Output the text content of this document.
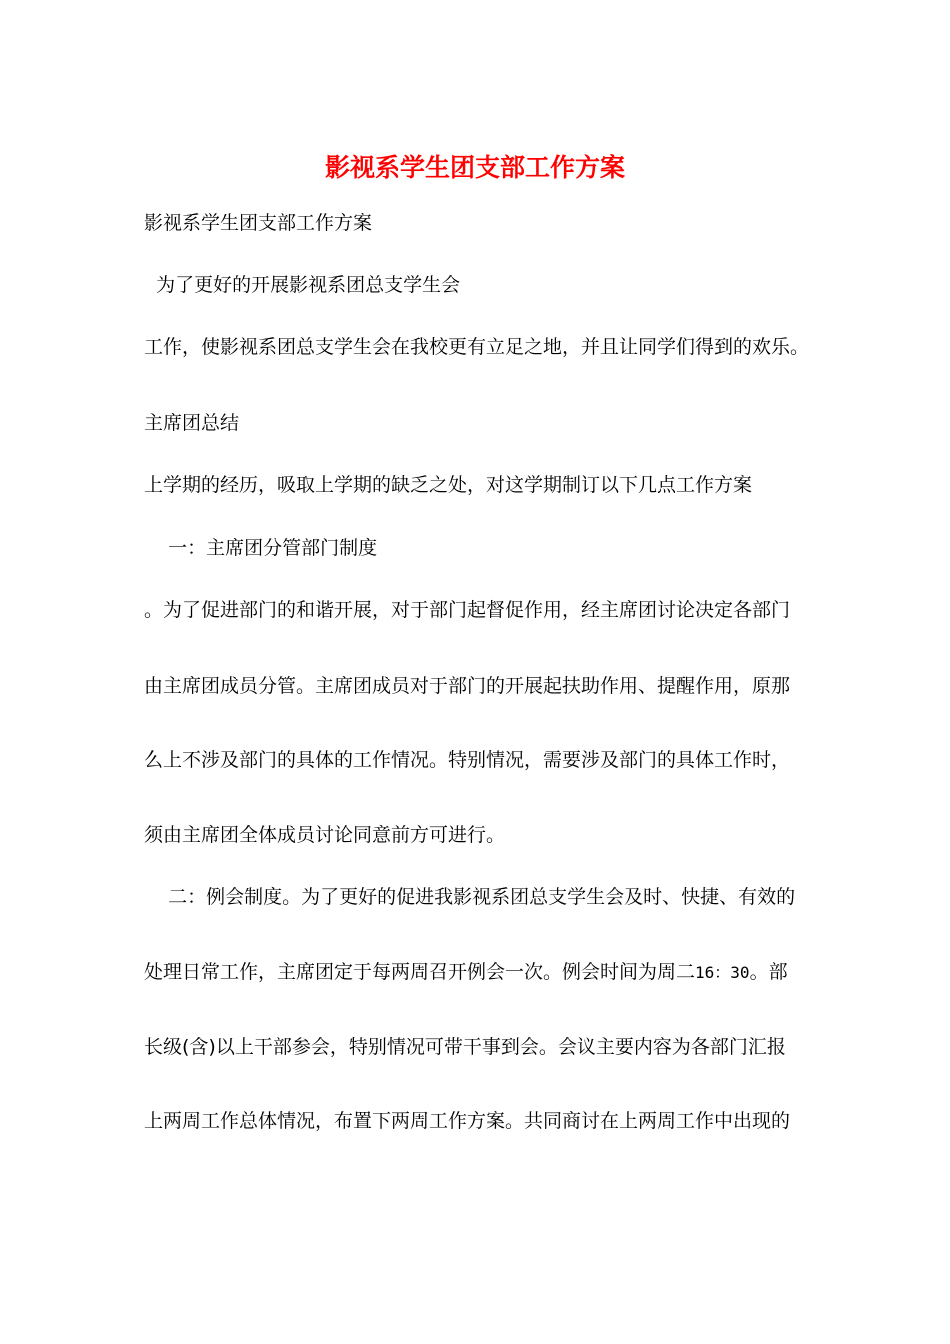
影视系学生团支部工作方案

影视系学生团支部工作方案

为了更好的开展影视系团总支学生会

工作，使影视系团总支学生会在我校更有立足之地，并且让同学们得到的欢乐。

主席团总结

上学期的经历，吸取上学期的缺乏之处，对这学期制订以下几点工作方案

一：主席团分管部门制度

。为了促进部门的和谐开展，对于部门起督促作用，经主席团讨论决定各部门

由主席团成员分管。主席团成员对于部门的开展起扶助作用、提醒作用，原那

么上不涉及部门的具体的工作情况。特别情况，需要涉及部门的具体工作时，

须由主席团全体成员讨论同意前方可进行。

二：例会制度。为了更好的促进我影视系团总支学生会及时、快捷、有效的

处理日常工作，主席团定于每两周召开例会一次。例会时间为周二16：30。部

长级(含)以上干部参会，特别情况可带干事到会。会议主要内容为各部门汇报

上两周工作总体情况，布置下两周工作方案。共同商讨在上两周工作中出现的
